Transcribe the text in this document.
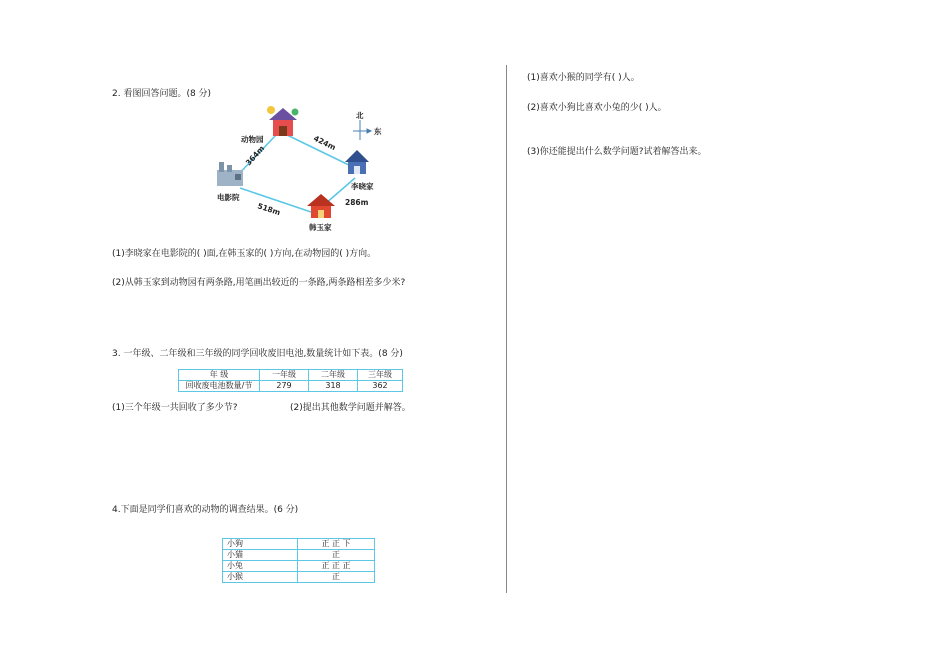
2. 看图回答问题。(8 分)
北
东
动物园
电影院
李晓家
韩玉家
364m
424m
286m
518m
(1)李晓家在电影院的( )面,在韩玉家的( )方向,在动物园的( )方向。
(2)从韩玉家到动物园有两条路,用笔画出较近的一条路,两条路相差多少米?
3. 一年级、二年级和三年级的同学回收废旧电池,数量统计如下表。(8 分)
年 级	一年级	二年级	三年级
回收废电池数量/节	279	318	362
(1)三个年级一共回收了多少节?	(2)提出其他数学问题并解答。
4.下面是同学们喜欢的动物的调查结果。(6 分)
小狗	正 正 下
小猫	正
小兔	正 正 正
小猴	正
(1)喜欢小猴的同学有( )人。
(2)喜欢小狗比喜欢小兔的少( )人。
(3)你还能提出什么数学问题?试着解答出来。
